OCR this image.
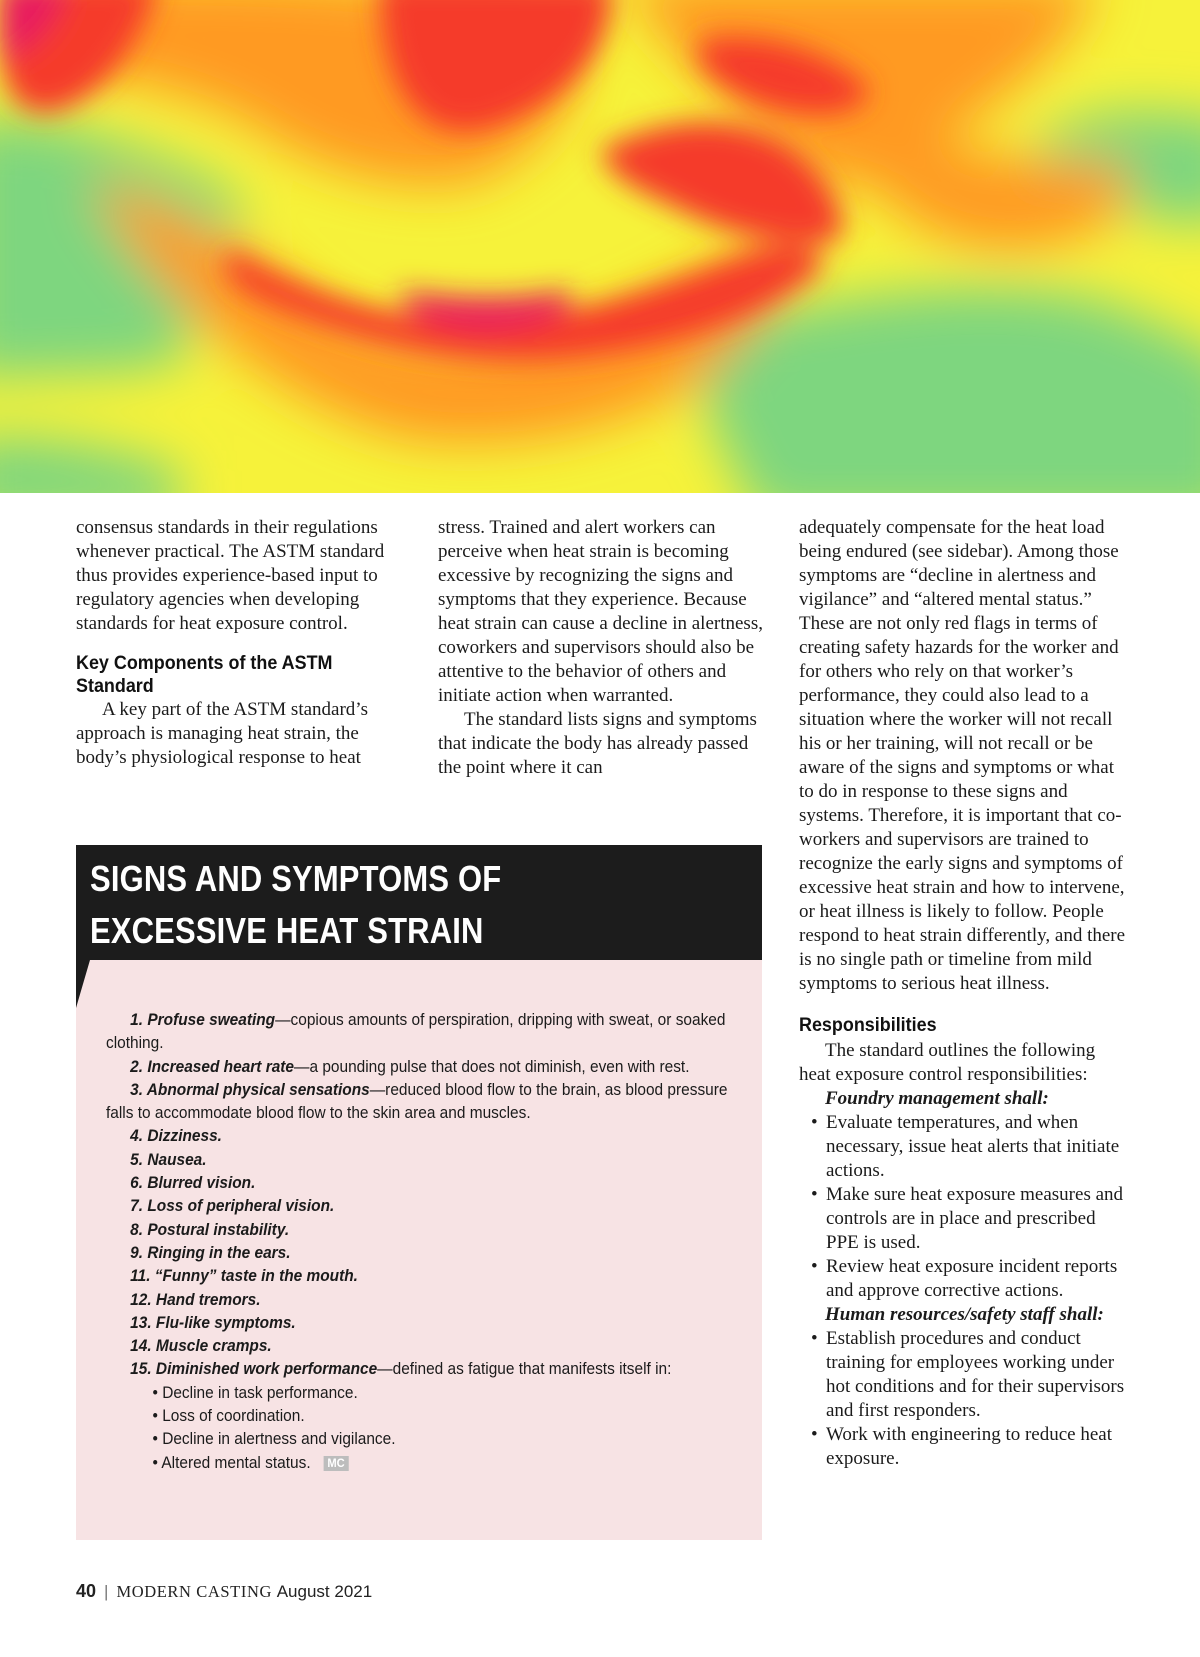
consensus standards in their regulations whenever practical. The ASTM standard thus provides experience-based input to regulatory agencies when developing standards for heat exposure control.

Key Components of the ASTM Standard

A key part of the ASTM standard’s approach is managing heat strain, the body’s physiological response to heat

stress. Trained and alert workers can perceive when heat strain is becoming excessive by recognizing the signs and symptoms that they experience. Because heat strain can cause a decline in alertness, coworkers and supervisors should also be attentive to the behavior of others and initiate action when warranted.

The standard lists signs and symptoms that indicate the body has already passed the point where it can

adequately compensate for the heat load being endured (see sidebar). Among those symptoms are “decline in alertness and vigilance” and “altered mental status.” These are not only red flags in terms of creating safety hazards for the worker and for others who rely on that worker’s performance, they could also lead to a situation where the worker will not recall his or her training, will not recall or be aware of the signs and symptoms or what to do in response to these signs and systems. Therefore, it is important that co-workers and supervisors are trained to recognize the early signs and symptoms of excessive heat strain and how to intervene, or heat illness is likely to follow. People respond to heat strain differently, and there is no single path or timeline from mild symptoms to serious heat illness.

Responsibilities

The standard outlines the following heat exposure control responsibilities:

Foundry management shall:

• Evaluate temperatures, and when necessary, issue heat alerts that initiate actions.
• Make sure heat exposure measures and controls are in place and prescribed PPE is used.
• Review heat exposure incident reports and approve corrective actions.

Human resources/safety staff shall:

• Establish procedures and conduct training for employees working under hot conditions and for their supervisors and first responders.
• Work with engineering to reduce heat exposure.
SIGNS AND SYMPTOMS OF
EXCESSIVE HEAT STRAIN
1. Profuse sweating—copious amounts of perspiration, dripping with sweat, or soaked clothing.
2. Increased heart rate—a pounding pulse that does not diminish, even with rest.
3. Abnormal physical sensations—reduced blood flow to the brain, as blood pressure falls to accommodate blood flow to the skin area and muscles.
4. Dizziness.
5. Nausea.
6. Blurred vision.
7. Loss of peripheral vision.
8. Postural instability.
9. Ringing in the ears.
11. “Funny” taste in the mouth.
12. Hand tremors.
13. Flu-like symptoms.
14. Muscle cramps.
15. Diminished work performance—defined as fatigue that manifests itself in:
• Decline in task performance.
• Loss of coordination.
• Decline in alertness and vigilance.
• Altered mental status. MC
40 | MODERN CASTING August 2021
